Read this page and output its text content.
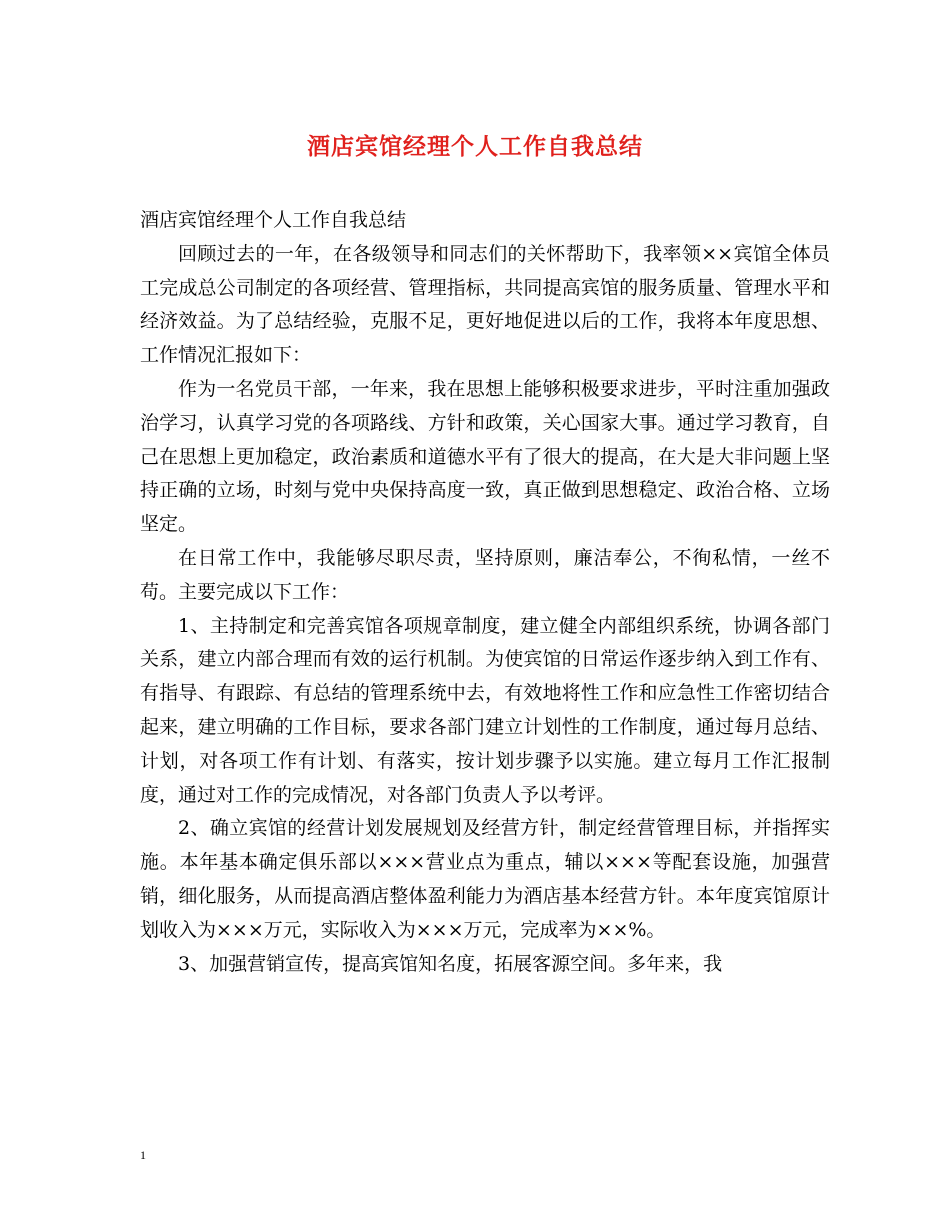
酒店宾馆经理个人工作自我总结

酒店宾馆经理个人工作自我总结

回顾过去的一年，在各级领导和同志们的关怀帮助下，我率领××宾馆全体员工完成总公司制定的各项经营、管理指标，共同提高宾馆的服务质量、管理水平和经济效益。为了总结经验，克服不足，更好地促进以后的工作，我将本年度思想、工作情况汇报如下：

作为一名党员干部，一年来，我在思想上能够积极要求进步，平时注重加强政治学习，认真学习党的各项路线、方针和政策，关心国家大事。通过学习教育，自己在思想上更加稳定，政治素质和道德水平有了很大的提高，在大是大非问题上坚持正确的立场，时刻与党中央保持高度一致，真正做到思想稳定、政治合格、立场坚定。

在日常工作中，我能够尽职尽责，坚持原则，廉洁奉公，不徇私情，一丝不苟。主要完成以下工作：

1、主持制定和完善宾馆各项规章制度，建立健全内部组织系统，协调各部门关系，建立内部合理而有效的运行机制。为使宾馆的日常运作逐步纳入到工作有、有指导、有跟踪、有总结的管理系统中去，有效地将性工作和应急性工作密切结合起来，建立明确的工作目标，要求各部门建立计划性的工作制度，通过每月总结、计划，对各项工作有计划、有落实，按计划步骤予以实施。建立每月工作汇报制度，通过对工作的完成情况，对各部门负责人予以考评。

2、确立宾馆的经营计划发展规划及经营方针，制定经营管理目标，并指挥实施。本年基本确定俱乐部以×××营业点为重点，辅以×××等配套设施，加强营销，细化服务，从而提高酒店整体盈利能力为酒店基本经营方针。本年度宾馆原计划收入为×××万元，实际收入为×××万元，完成率为××%。

3、加强营销宣传，提高宾馆知名度，拓展客源空间。多年来，我

1
